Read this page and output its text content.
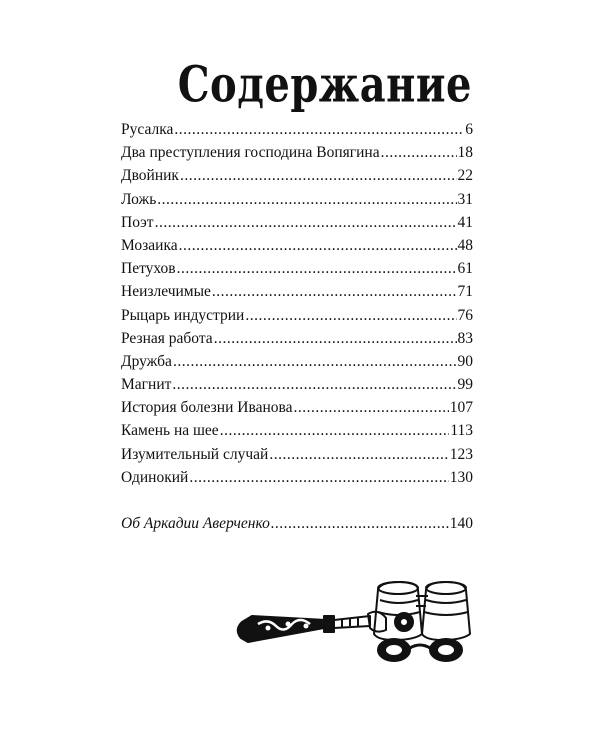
Содержание
Русалка .....	6
Два преступления господина Вопягина .....	18
Двойник .....	22
Ложь .....	31
Поэт .....	41
Мозаика .....	48
Петухов .....	61
Неизлечимые .....	71
Рыцарь индустрии .....	76
Резная работа .....	83
Дружба .....	90
Магнит .....	99
История болезни Иванова .....	107
Камень на шее .....	113
Изумительный случай .....	123
Одинокий .....	130
Об Аркадии Аверченко .....	140
